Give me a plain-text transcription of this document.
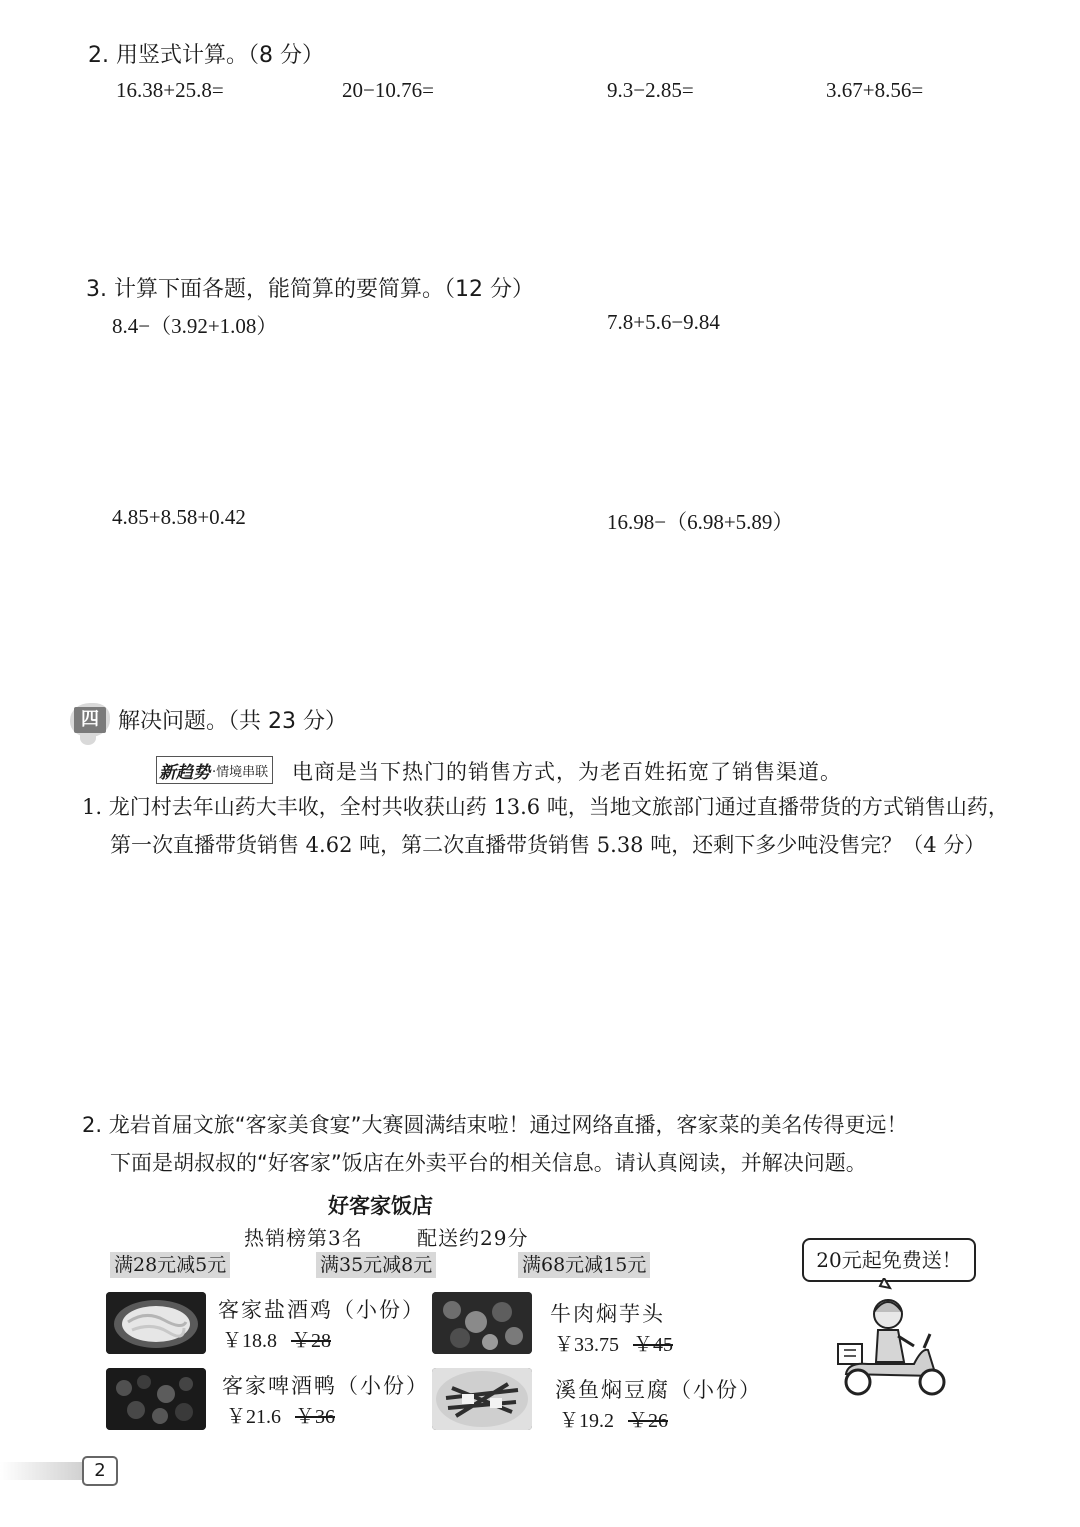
2. 用竖式计算。（8 分）
16.38+25.8=	20−10.76=	9.3−2.85=	3.67+8.56=
3. 计算下面各题，能简算的要简算。（12 分）
8.4−（3.92+1.08）	7.8+5.6−9.84
4.85+8.58+0.42	16.98−（6.98+5.89）
四 解决问题。（共 23 分）
新趋势 ·情境串联 电商是当下热门的销售方式，为老百姓拓宽了销售渠道。
1. 龙门村去年山药大丰收，全村共收获山药 13.6 吨，当地文旅部门通过直播带货的方式销售山药，
第一次直播带货销售 4.62 吨，第二次直播带货销售 5.38 吨，还剩下多少吨没售完？（4 分）
2. 龙岩首届文旅“客家美食宴”大赛圆满结束啦！通过网络直播，客家菜的美名传得更远！
下面是胡叔叔的“好客家”饭店在外卖平台的相关信息。请认真阅读，并解决问题。
好客家饭店
热销榜第3名	配送约29分
满28元减5元	满35元减8元	满68元减15元
客家盐酒鸡（小份）
￥18.8 ￥28
牛肉焖芋头
￥33.75 ￥45
客家啤酒鸭（小份）
￥21.6 ￥36
溪鱼焖豆腐（小份）
￥19.2 ￥26
20元起免费送！
2
